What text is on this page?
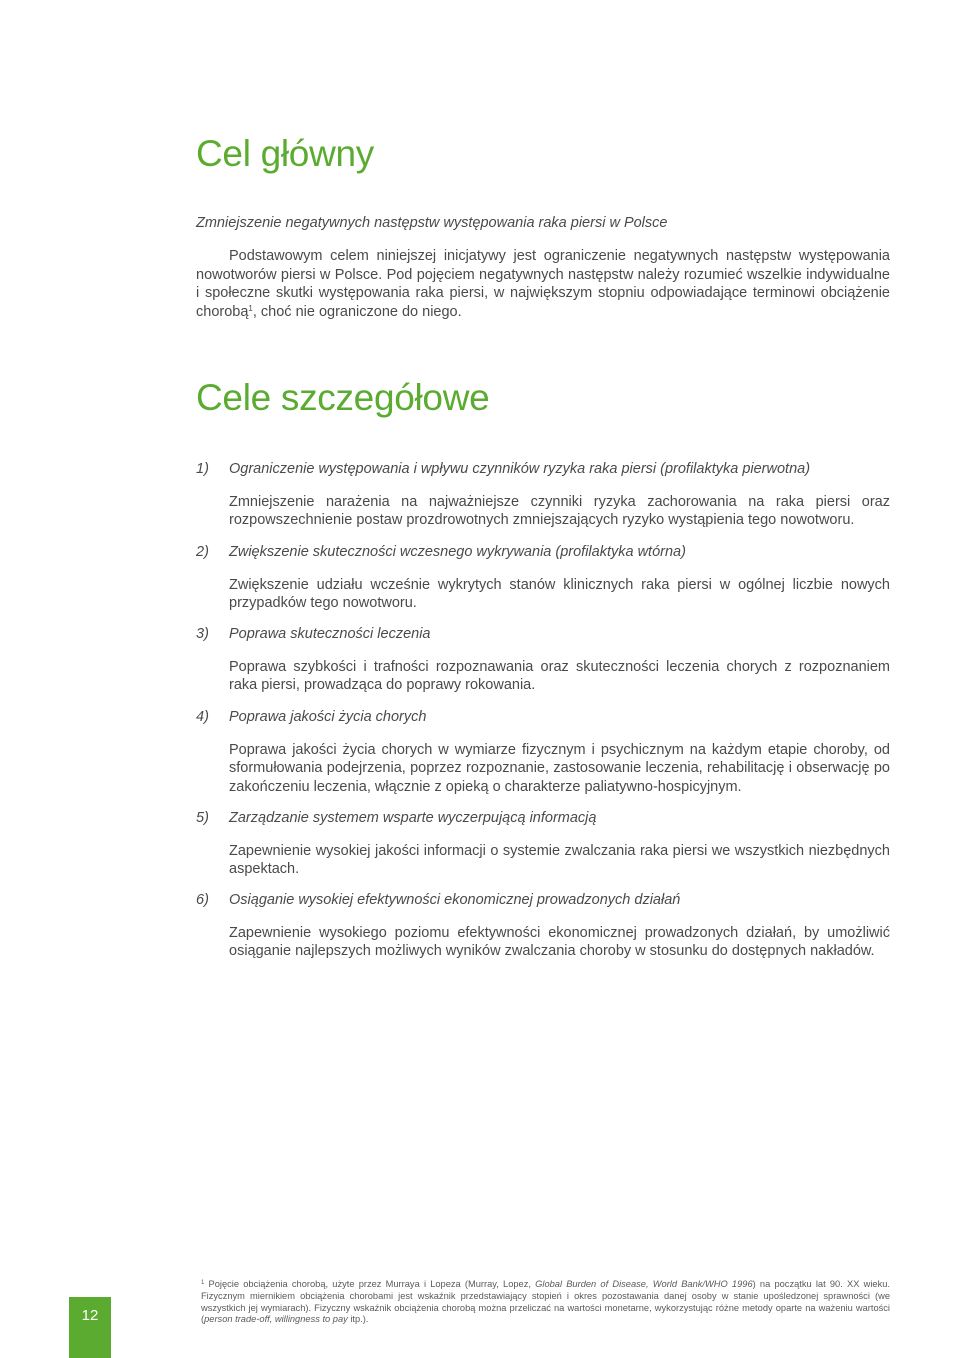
Cel główny
Zmniejszenie negatywnych następstw występowania raka piersi w Polsce

Podstawowym celem niniejszej inicjatywy jest ograniczenie negatywnych następstw występowania nowotworów piersi w Polsce. Pod pojęciem negatywnych następstw należy rozumieć wszelkie indywidualne i społeczne skutki występowania raka piersi, w największym stopniu odpowiadające terminowi obciążenie chorobą$^1$, choć nie ograniczone do niego.

Cele szczegółowe
1) Ograniczenie występowania i wpływu czynników ryzyka raka piersi (profilaktyka pierwotna)
Zmniejszenie narażenia na najważniejsze czynniki ryzyka zachorowania na raka piersi oraz rozpowszechnienie postaw prozdrowotnych zmniejszających ryzyko wystąpienia tego nowotworu.
2) Zwiększenie skuteczności wczesnego wykrywania (profilaktyka wtórna)
Zwiększenie udziału wcześnie wykrytych stanów klinicznych raka piersi w ogólnej liczbie nowych przypadków tego nowotworu.
3) Poprawa skuteczności leczenia
Poprawa szybkości i trafności rozpoznawania oraz skuteczności leczenia chorych z rozpoznaniem raka piersi, prowadząca do poprawy rokowania.
4) Poprawa jakości życia chorych
Poprawa jakości życia chorych w wymiarze fizycznym i psychicznym na każdym etapie choroby, od sformułowania podejrzenia, poprzez rozpoznanie, zastosowanie leczenia, rehabilitację i obserwację po zakończeniu leczenia, włącznie z opieką o charakterze paliatywno-hospicyjnym.
5) Zarządzanie systemem wsparte wyczerpującą informacją
Zapewnienie wysokiej jakości informacji o systemie zwalczania raka piersi we wszystkich niezbędnych aspektach.
6) Osiąganie wysokiej efektywności ekonomicznej prowadzonych działań
Zapewnienie wysokiego poziomu efektywności ekonomicznej prowadzonych działań, by umożliwić osiąganie najlepszych możliwych wyników zwalczania choroby w stosunku do dostępnych nakładów.
$^1$ Pojęcie obciążenia chorobą, użyte przez Murraya i Lopeza (Murray, Lopez, Global Burden of Disease, World Bank/WHO 1996) na początku lat 90. XX wieku. Fizycznym miernikiem obciążenia chorobami jest wskaźnik przedstawiający stopień i okres pozostawania danej osoby w stanie upośledzonej sprawności (we wszystkich jej wymiarach). Fizyczny wskaźnik obciążenia chorobą można przeliczać na wartości monetarne, wykorzystując różne metody oparte na ważeniu wartości (person trade-off, willingness to pay itp.).
12
